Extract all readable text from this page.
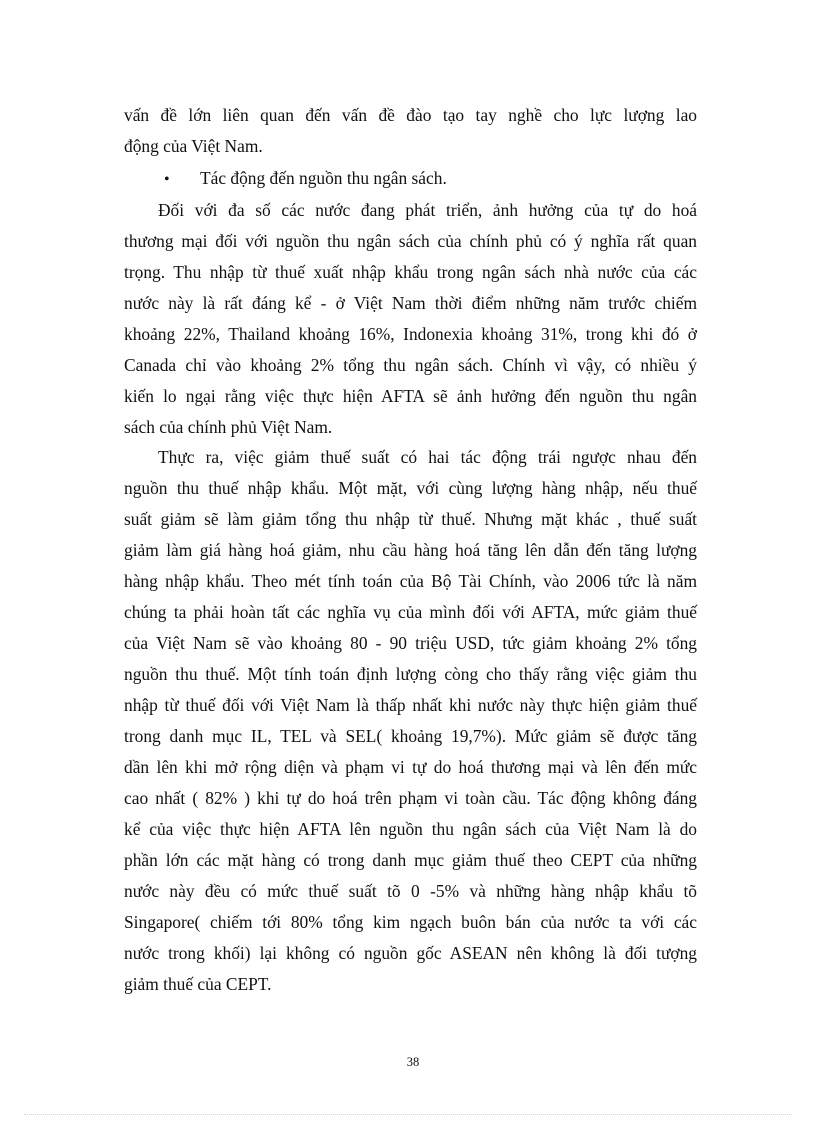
vấn đề lớn liên quan đến vấn đề đào tạo tay nghề cho lực lượng lao
động của Việt Nam.
• Tác động đến nguồn thu ngân sách.
Đối với đa số các nước đang phát triển, ảnh hưởng của tự do hoá
thương mại đối với nguồn thu ngân sách của chính phủ có ý nghĩa rất quan
trọng. Thu nhập từ thuế xuất nhập khẩu trong ngân sách nhà nước của các
nước này là rất đáng kể - ở Việt Nam thời điểm những năm trước chiếm
khoảng 22%, Thailand khoảng 16%, Indonexia khoảng 31%, trong khi đó ở
Canada chỉ vào khoảng 2% tổng thu ngân sách. Chính vì vậy, có nhiều ý
kiến lo ngại rằng việc thực hiện AFTA sẽ ảnh hưởng đến nguồn thu ngân
sách của chính phủ Việt Nam.
Thực ra, việc giảm thuế suất có hai tác động trái ngược nhau đến
nguồn thu thuế nhập khẩu. Một mặt, với cùng lượng hàng nhập, nếu thuế
suất giảm sẽ làm giảm tổng thu nhập từ thuế. Nhưng mặt khác , thuế suất
giảm làm giá hàng hoá giảm, nhu cầu hàng hoá tăng lên dẫn đến tăng lượng
hàng nhập khẩu. Theo mét tính toán của Bộ Tài Chính, vào 2006 tức là năm
chúng ta phải hoàn tất các nghĩa vụ của mình đối với AFTA, mức giảm thuế
của Việt Nam sẽ vào khoảng 80 - 90 triệu USD, tức giảm khoảng 2% tổng
nguồn thu thuế. Một tính toán định lượng còng cho thấy rằng việc giảm thu
nhập từ thuế đối với Việt Nam là thấp nhất khi nước này thực hiện giảm thuế
trong danh mục IL, TEL và SEL( khoảng 19,7%). Mức giảm sẽ được tăng
dần lên khi mở rộng diện và phạm vi tự do hoá thương mại và lên đến mức
cao nhất ( 82% ) khi tự do hoá trên phạm vi toàn cầu. Tác động không đáng
kể của việc thực hiện AFTA lên nguồn thu ngân sách của Việt Nam là do
phần lớn các mặt hàng có trong danh mục giảm thuế theo CEPT của những
nước này đều có mức thuế suất tõ 0 -5% và những hàng nhập khẩu tõ
Singapore( chiếm tới 80% tổng kim ngạch buôn bán của nước ta với các
nước trong khối) lại không có nguồn gốc ASEAN nên không là đối tượng
giảm thuế của CEPT.
38
